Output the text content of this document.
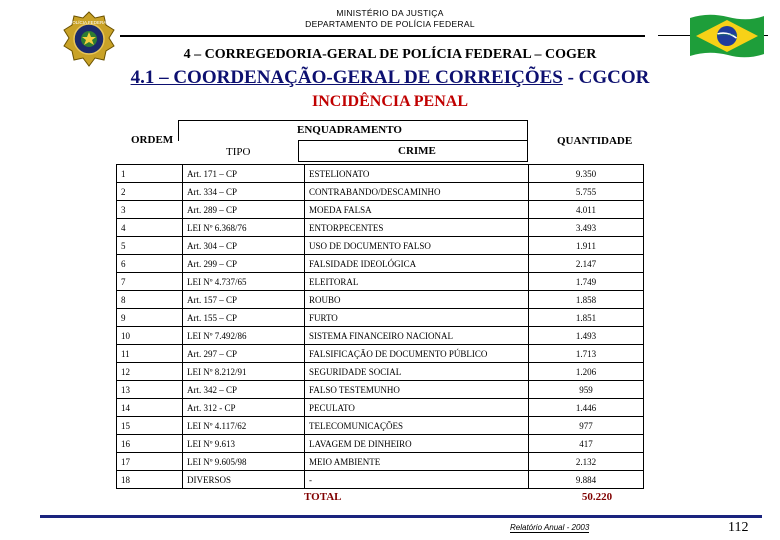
MINISTÉRIO DA JUSTIÇA
DEPARTAMENTO DE POLÍCIA FEDERAL
POLÍCIA FEDERAL
ORDEM E PROGRESSO
4 – CORREGEDORIA-GERAL DE POLÍCIA FEDERAL – COGER
4.1 – COORDENAÇÃO-GERAL DE CORREIÇÕES - CGCOR
INCIDÊNCIA PENAL
ORDEM
ENQUADRAMENTO
TIPO	CRIME
QUANTIDADE
1	Art. 171 – CP	ESTELIONATO	9.350
2	Art. 334 – CP	CONTRABANDO/DESCAMINHO	5.755
3	Art. 289 – CP	MOEDA FALSA	4.011
4	LEI Nº 6.368/76	ENTORPECENTES	3.493
5	Art. 304 – CP	USO DE DOCUMENTO FALSO	1.911
6	Art. 299 – CP	FALSIDADE IDEOLÓGICA	2.147
7	LEI Nº 4.737/65	ELEITORAL	1.749
8	Art. 157 – CP	ROUBO	1.858
9	Art. 155 – CP	FURTO	1.851
10	LEI Nº 7.492/86	SISTEMA FINANCEIRO NACIONAL	1.493
11	Art. 297 – CP	FALSIFICAÇÃO DE DOCUMENTO PÚBLICO	1.713
12	LEI Nº 8.212/91	SEGURIDADE SOCIAL	1.206
13	Art. 342 – CP	FALSO TESTEMUNHO	959
14	Art. 312 - CP	PECULATO	1.446
15	LEI Nº 4.117/62	TELECOMUNICAÇÕES	977
16	LEI Nº 9.613	LAVAGEM DE DINHEIRO	417
17	LEI Nº 9.605/98	MEIO AMBIENTE	2.132
18	DIVERSOS	-	9.884
TOTAL	50.220
Relatório Anual - 2003	112
